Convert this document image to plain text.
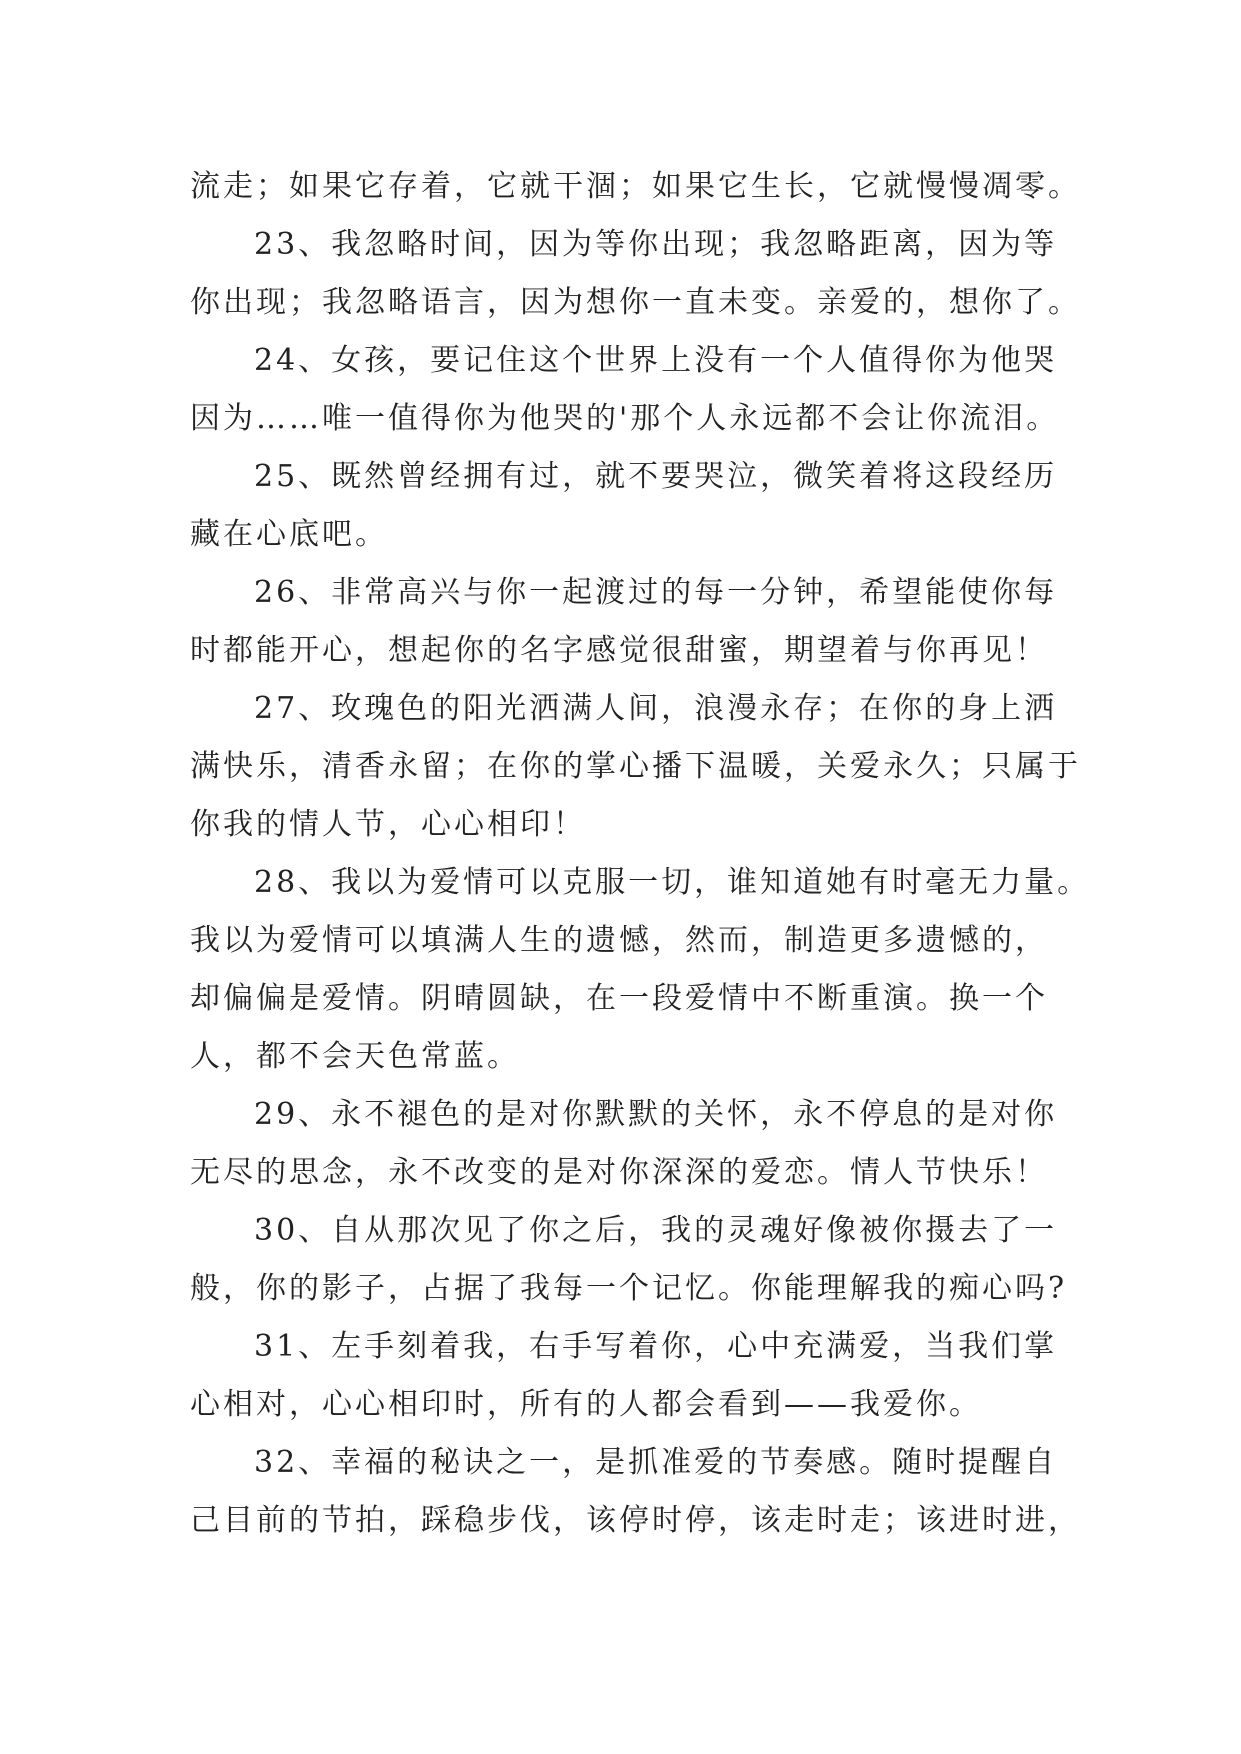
流走；如果它存着，它就干涸；如果它生长，它就慢慢凋零。
23、我忽略时间，因为等你出现；我忽略距离，因为等
你出现；我忽略语言，因为想你一直未变。亲爱的，想你了。
24、女孩，要记住这个世界上没有一个人值得你为他哭
因为……唯一值得你为他哭的'那个人永远都不会让你流泪。
25、既然曾经拥有过，就不要哭泣，微笑着将这段经历
藏在心底吧。
26、非常高兴与你一起渡过的每一分钟，希望能使你每
时都能开心，想起你的名字感觉很甜蜜，期望着与你再见！
27、玫瑰色的阳光洒满人间，浪漫永存；在你的身上洒
满快乐，清香永留；在你的掌心播下温暖，关爱永久；只属于
你我的情人节，心心相印！
28、我以为爱情可以克服一切，谁知道她有时毫无力量。
我以为爱情可以填满人生的遗憾，然而，制造更多遗憾的，
却偏偏是爱情。阴晴圆缺，在一段爱情中不断重演。换一个
人，都不会天色常蓝。
29、永不褪色的是对你默默的关怀，永不停息的是对你
无尽的思念，永不改变的是对你深深的爱恋。情人节快乐！
30、自从那次见了你之后，我的灵魂好像被你摄去了一
般，你的影子，占据了我每一个记忆。你能理解我的痴心吗?
31、左手刻着我，右手写着你，心中充满爱，当我们掌
心相对，心心相印时，所有的人都会看到——我爱你。
32、幸福的秘诀之一，是抓准爱的节奏感。随时提醒自
己目前的节拍，踩稳步伐，该停时停，该走时走；该进时进，
